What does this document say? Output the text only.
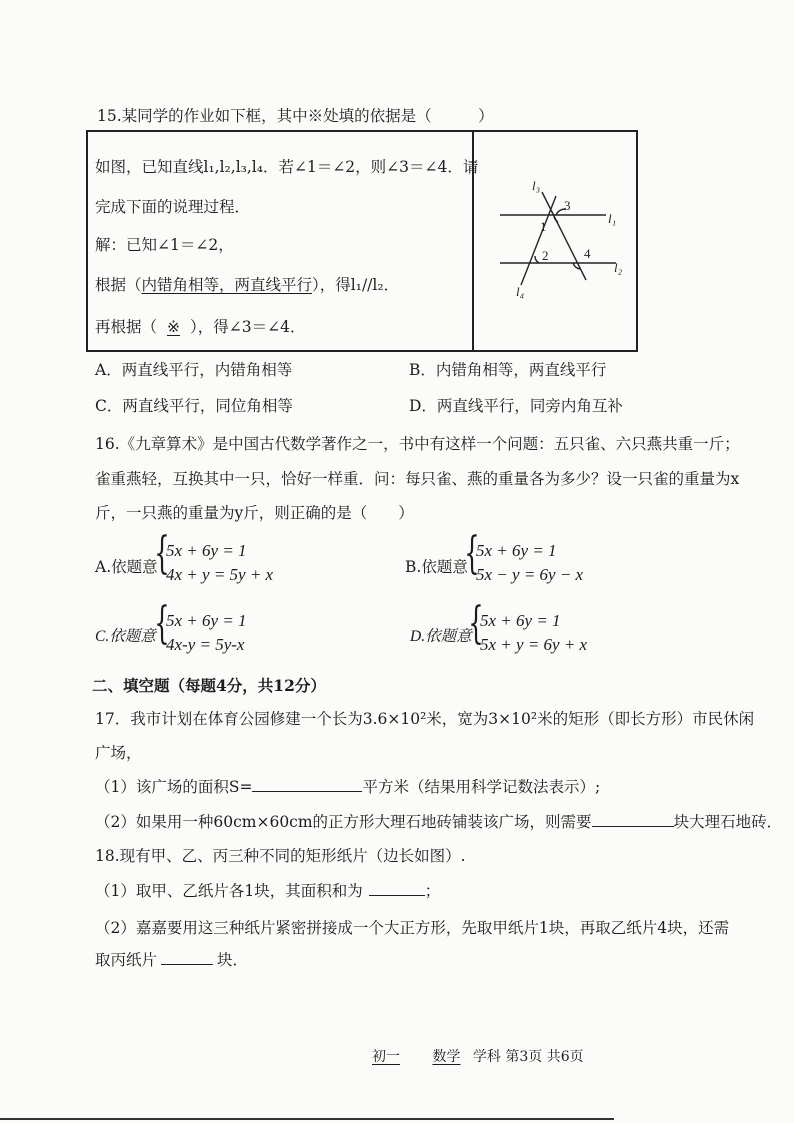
15.某同学的作业如下框，其中※处填的依据是（　　　）
如图，已知直线l₁,l₂,l₃,l₄．若∠1＝∠2，则∠3＝∠4．请
完成下面的说理过程．
解：已知∠1＝∠2，
根据（内错角相等，两直线平行），得l₁//l₂．
再根据（ ※ ），得∠3＝∠4．
l₃
l₁
l₂
l₄
1
2
3
4
A．两直线平行，内错角相等	B．内错角相等，两直线平行
C．两直线平行，同位角相等	D．两直线平行，同旁内角互补
16.《九章算术》是中国古代数学著作之一，书中有这样一个问题：五只雀、六只燕共重一斤；
雀重燕轻，互换其中一只，恰好一样重．问：每只雀、燕的重量各为多少？设一只雀的重量为x
斤，一只燕的重量为y斤，则正确的是（　　）
A.依题意
{
5x + 6y = 1
4x + y = 5y + x	B.依题意
{
5x + 6y = 1
5x − y = 6y − x
C.依题意
{
5x + 6y = 1
4x-y = 5y-x	D.依题意
{
5x + 6y = 1
5x + y = 6y + x
二、填空题（每题4分，共12分）
17．我市计划在体育公园修建一个长为3.6×10²米，宽为3×10²米的矩形（即长方形）市民休闲
广场，
（1）该广场的面积S=	平方米（结果用科学记数法表示）;
（2）如果用一种60cm×60cm的正方形大理石地砖铺装该广场，则需要	块大理石地砖．
18.现有甲、乙、丙三种不同的矩形纸片（边长如图）.
（1）取甲、乙纸片各1块，其面积和为	；
（2）嘉嘉要用这三种纸片紧密拼接成一个大正方形，先取甲纸片1块，再取乙纸片4块，还需
取丙纸片	块．
初一 数学 学科 第3页 共6页
